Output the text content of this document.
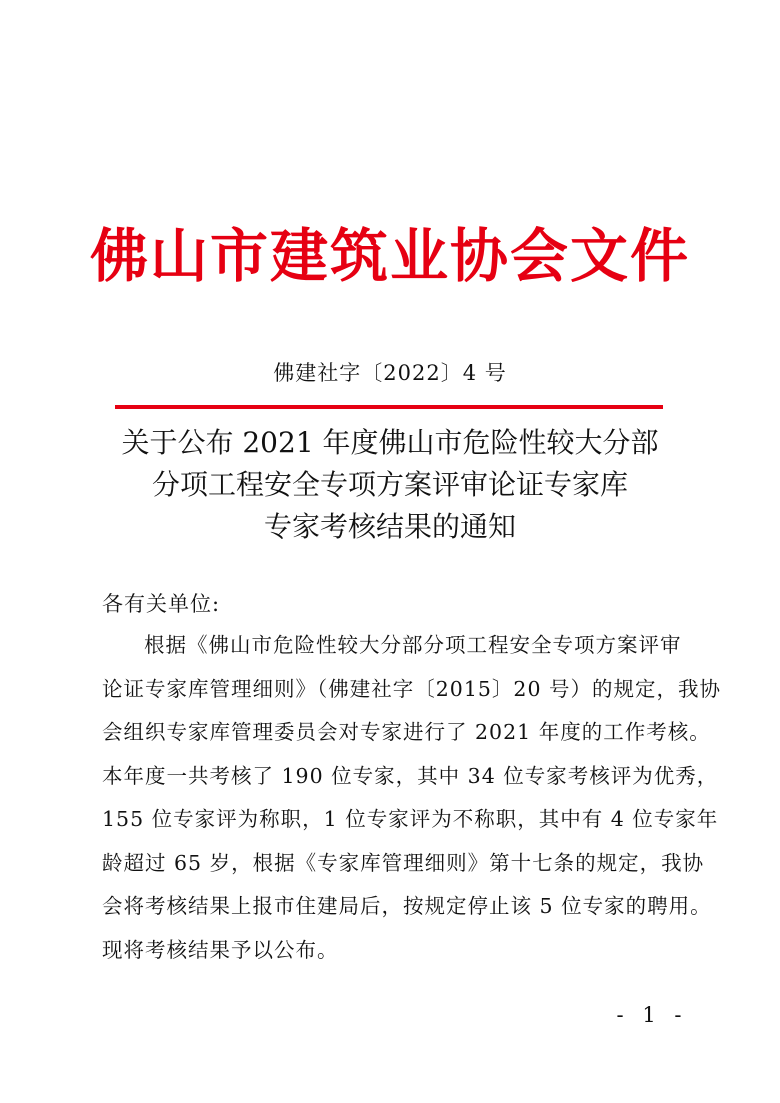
佛山市建筑业协会文件
佛建社字〔2022〕4 号
关于公布 2021 年度佛山市危险性较大分部
分项工程安全专项方案评审论证专家库
专家考核结果的通知
各有关单位:
根据《佛山市危险性较大分部分项工程安全专项方案评审
论证专家库管理细则》（佛建社字〔2015〕20 号）的规定，我协
会组织专家库管理委员会对专家进行了 2021 年度的工作考核。
本年度一共考核了 190 位专家，其中 34 位专家考核评为优秀，
155 位专家评为称职，1 位专家评为不称职，其中有 4 位专家年
龄超过 65 岁，根据《专家库管理细则》第十七条的规定，我协
会将考核结果上报市住建局后，按规定停止该 5 位专家的聘用。
现将考核结果予以公布。
- 1 -
